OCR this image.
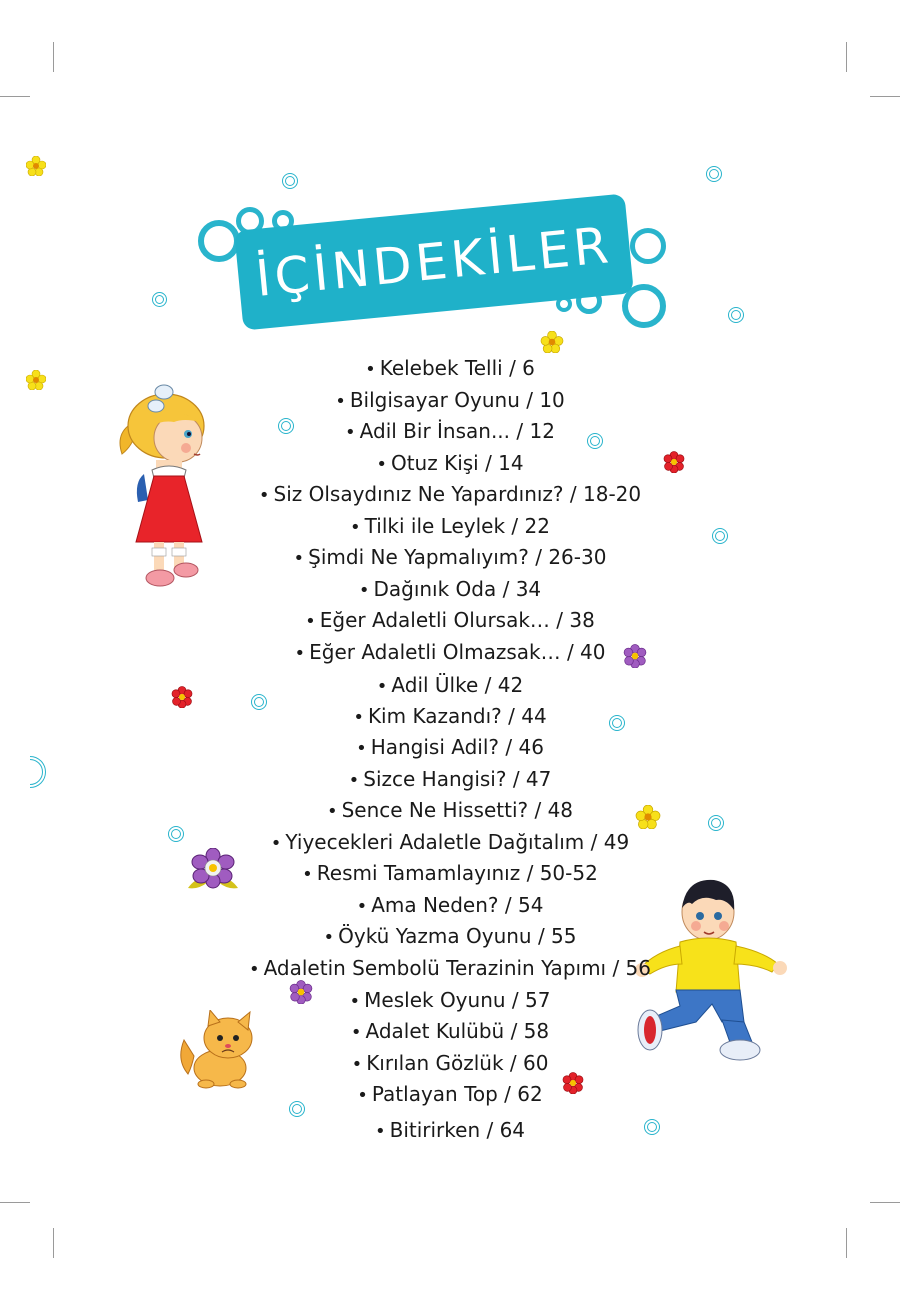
İÇİNDEKİLER
• Kelebek Telli / 6
• Bilgisayar Oyunu / 10
• Adil Bir İnsan... / 12
• Otuz Kişi / 14
• Siz Olsaydınız Ne Yapardınız? / 18-20
• Tilki ile Leylek / 22
• Şimdi Ne Yapmalıyım? / 26-30
• Dağınık Oda / 34
• Eğer Adaletli Olursak… / 38
• Eğer Adaletli Olmazsak… / 40
• Adil Ülke / 42
• Kim Kazandı? / 44
• Hangisi Adil? / 46
• Sizce Hangisi? / 47
• Sence Ne Hissetti? / 48
• Yiyecekleri Adaletle Dağıtalım / 49
• Resmi Tamamlayınız / 50-52
• Ama Neden? / 54
• Öykü Yazma Oyunu / 55
• Adaletin Sembolü Terazinin Yapımı / 56
• Meslek Oyunu / 57
• Adalet Kulübü / 58
• Kırılan Gözlük / 60
• Patlayan Top / 62
• Bitirirken / 64
